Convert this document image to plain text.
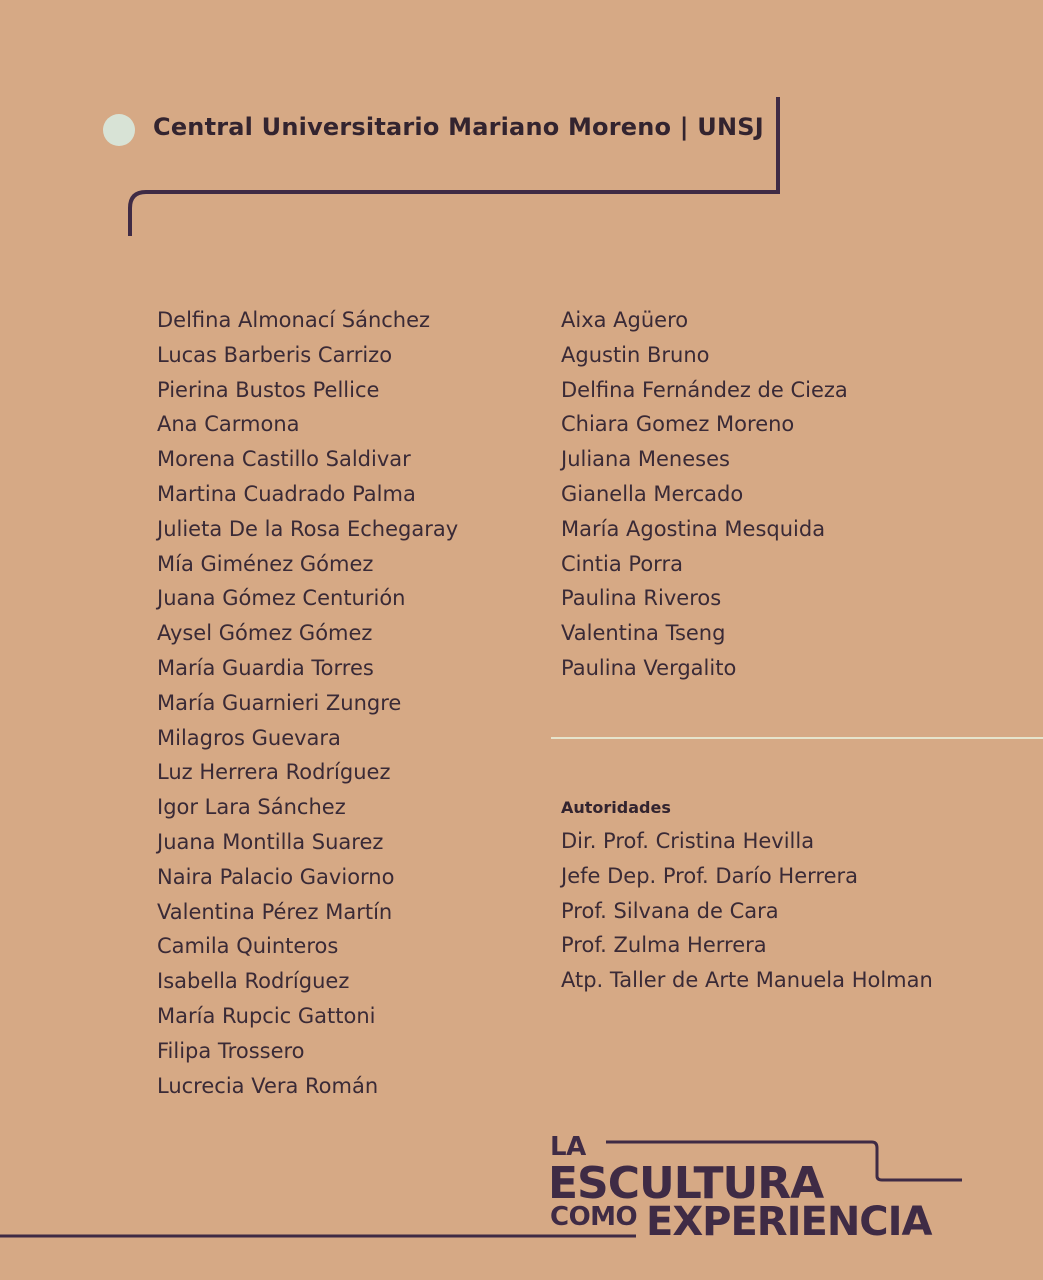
Central Universitario Mariano Moreno | UNSJ
Delfina Almonací Sánchez
Lucas Barberis Carrizo
Pierina Bustos Pellice
Ana Carmona
Morena Castillo Saldivar
Martina Cuadrado Palma
Julieta De la Rosa Echegaray
Mía Giménez Gómez
Juana Gómez Centurión
Aysel Gómez Gómez
María Guardia Torres
María Guarnieri Zungre
Milagros Guevara
Luz Herrera Rodríguez
Igor Lara Sánchez
Juana Montilla Suarez
Naira Palacio Gaviorno
Valentina Pérez Martín
Camila Quinteros
Isabella Rodríguez
María Rupcic Gattoni
Filipa Trossero
Lucrecia Vera Román
Aixa Agüero
Agustin Bruno
Delfina Fernández de Cieza
Chiara Gomez Moreno
Juliana Meneses
Gianella Mercado
María Agostina Mesquida
Cintia Porra
Paulina Riveros
Valentina Tseng
Paulina Vergalito
Autoridades
Dir. Prof. Cristina Hevilla
Jefe Dep. Prof. Darío Herrera
Prof. Silvana de Cara
Prof. Zulma Herrera
Atp. Taller de Arte Manuela Holman
LA
ESCULTURA
COMO EXPERIENCIA
